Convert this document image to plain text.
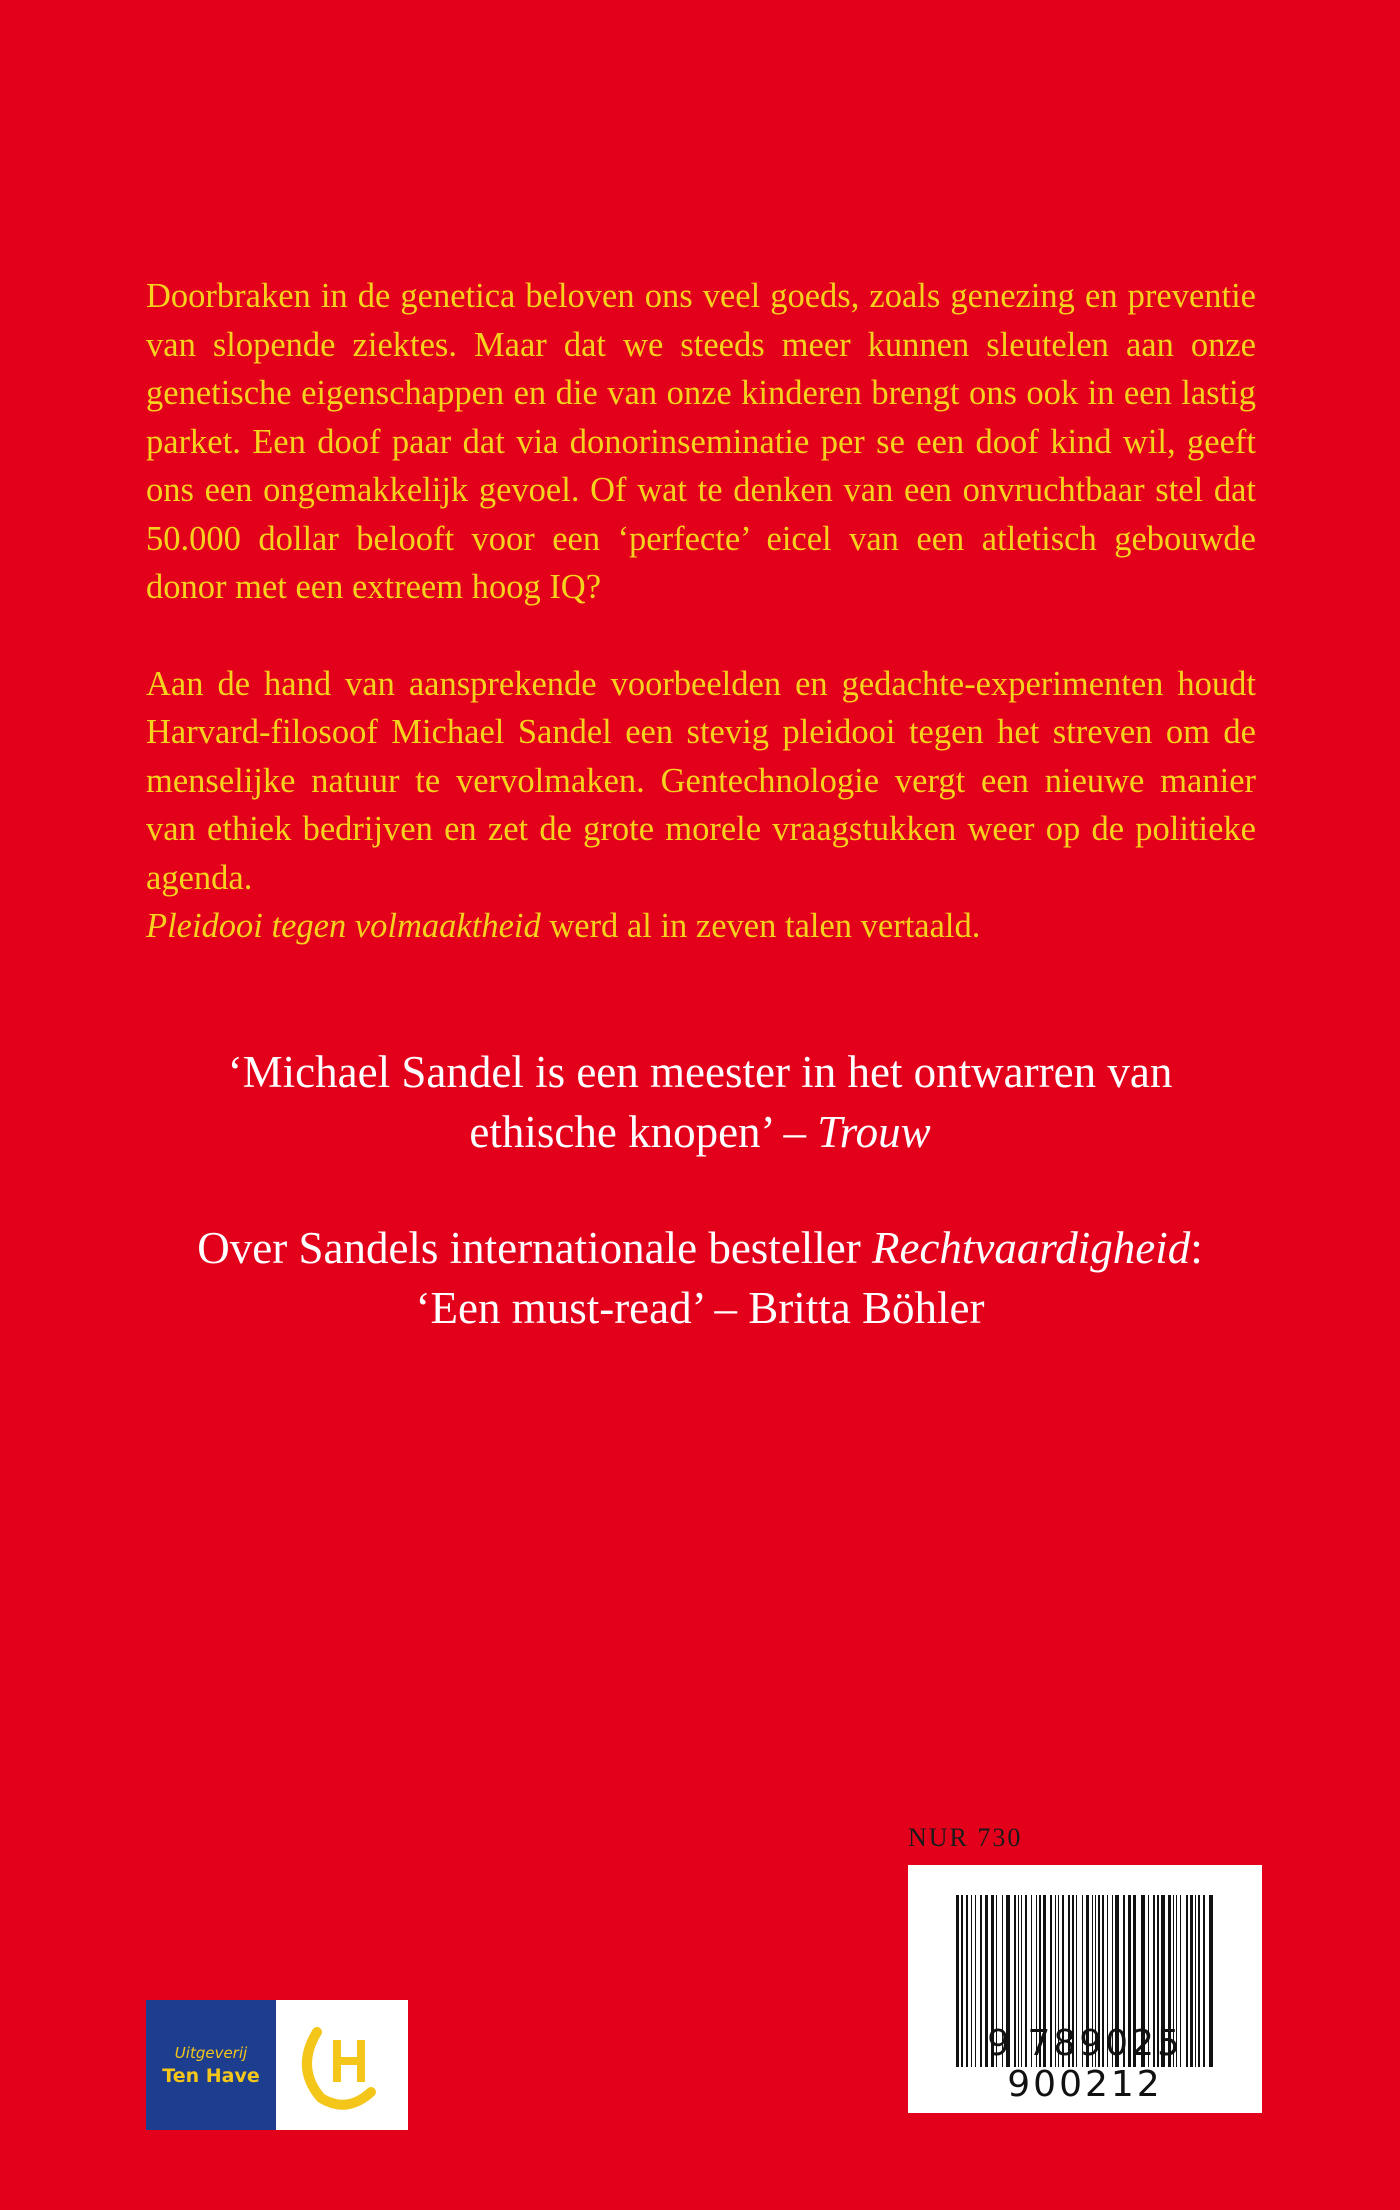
Doorbraken in de genetica beloven ons veel goeds, zoals genezing en preventie van slopende ziektes. Maar dat we steeds meer kunnen sleutelen aan onze genetische eigenschappen en die van onze kinderen brengt ons ook in een lastig parket. Een doof paar dat via donorinseminatie per se een doof kind wil, geeft ons een ongemakkelijk gevoel. Of wat te denken van een onvruchtbaar stel dat 50.000 dollar belooft voor een ‘perfecte’ eicel van een atletisch gebouwde donor met een extreem hoog IQ?

Aan de hand van aansprekende voorbeelden en gedachte-experimenten houdt Harvard-filosoof Michael Sandel een stevig pleidooi tegen het streven om de menselijke natuur te vervolmaken. Gentechnologie vergt een nieuwe manier van ethiek bedrijven en zet de grote morele vraagstukken weer op de politieke agenda.
Pleidooi tegen volmaaktheid werd al in zeven talen vertaald.

‘Michael Sandel is een meester in het ontwarren van
ethische knopen’ – Trouw

Over Sandels internationale besteller Rechtvaardigheid:
‘Een must-read’ – Britta Böhler

NUR 730
9 789025 900212
Uitgeverij
Ten Have
